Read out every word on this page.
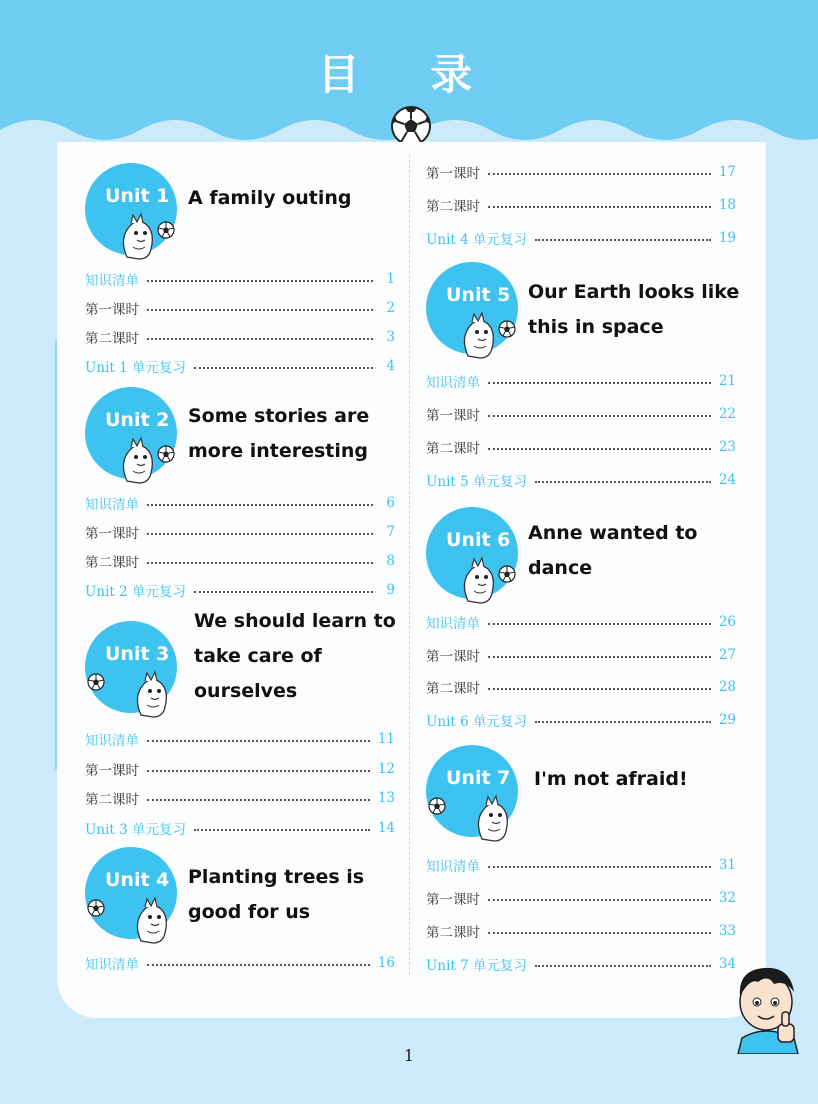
目 录
Unit 1 A family outing
知识清单	1
第一课时	2
第二课时	3
Unit 1 单元复习	4
Unit 2 Some stories are
more interesting
知识清单	6
第一课时	7
第二课时	8
Unit 2 单元复习	9
Unit 3
We should learn to
take care of
ourselves
知识清单	11
第一课时	12
第二课时	13
Unit 3 单元复习	14
Unit 4 Planting trees is
good for us
知识清单	16
第一课时	17
第二课时	18
Unit 4 单元复习	19
Unit 5 Our Earth looks like
this in space
知识清单	21
第一课时	22
第二课时	23
Unit 5 单元复习	24
Unit 6 Anne wanted to
dance
知识清单	26
第一课时	27
第二课时	28
Unit 6 单元复习	29
Unit 7 I'm not afraid!
知识清单	31
第一课时	32
第二课时	33
Unit 7 单元复习	34
1
